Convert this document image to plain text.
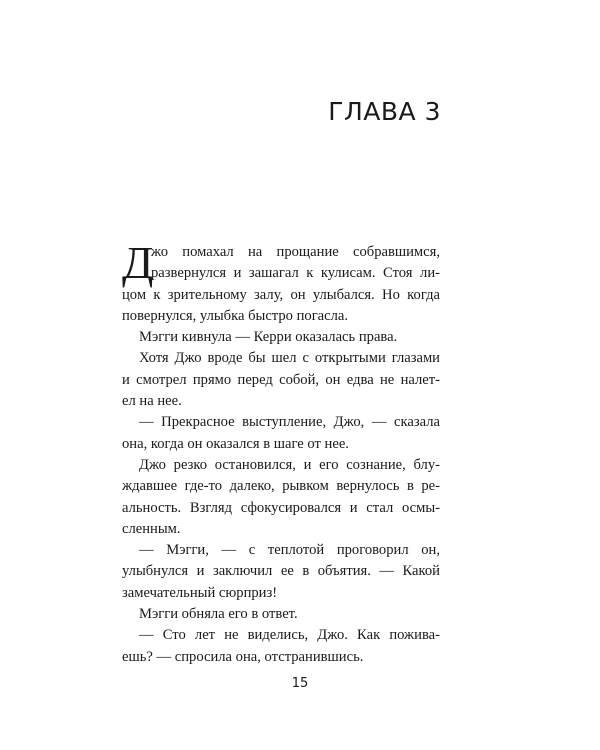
ГЛАВА 3
Д
жо помахал на прощание собравшимся,
развернулся и зашагал к кулисам. Стоя ли-
цом к зрительному залу, он улыбался. Но когда
повернулся, улыбка быстро погасла.
Мэгги кивнула — Керри оказалась права.
Хотя Джо вроде бы шел с открытыми глазами
и смотрел прямо перед собой, он едва не налет-
ел на нее.
— Прекрасное выступление, Джо, — сказала
она, когда он оказался в шаге от нее.
Джо резко остановился, и его сознание, блу-
ждавшее где-то далеко, рывком вернулось в ре-
альность. Взгляд сфокусировался и стал осмы-
сленным.
— Мэгги, — с теплотой проговорил он,
улыбнулся и заключил ее в объятия. — Какой
замечательный сюрприз!
Мэгги обняла его в ответ.
— Сто лет не виделись, Джо. Как пожива-
ешь? — спросила она, отстранившись.
15
